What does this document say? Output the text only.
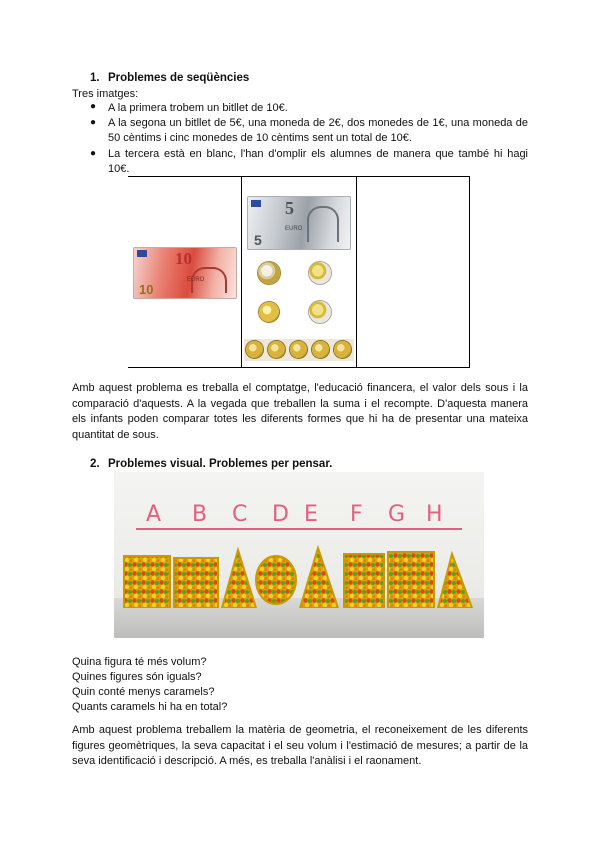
1. Problemes de seqüències
Tres imatges:
● A la primera trobem un bitllet de 10€.
● A la segona un bitllet de 5€, una moneda de 2€, dos monedes de 1€, una moneda de 50 cèntims i cinc monedes de 10 cèntims sent un total de 10€.
● La tercera està en blanc, l'han d'omplir els alumnes de manera que també hi hagi 10€.
10
10
EURO
5
5
EURO
Amb aquest problema es treballa el comptatge, l'educació financera, el valor dels sous i la comparació d'aquests. A la vegada que treballen la suma i el recompte. D'aquesta manera els infants poden comparar totes les diferents formes que hi ha de presentar una mateixa quantitat de sous.
2. Problemes visual. Problemes per pensar.
A B C D E F G H
Quina figura té més volum?
Quines figures són iguals?
Quin conté menys caramels?
Quants caramels hi ha en total?
Amb aquest problema treballem la matèria de geometria, el reconeixement de les diferents figures geomètriques, la seva capacitat i el seu volum i l'estimació de mesures; a partir de la seva identificació i descripció. A més, es treballa l'anàlisi i el raonament.
